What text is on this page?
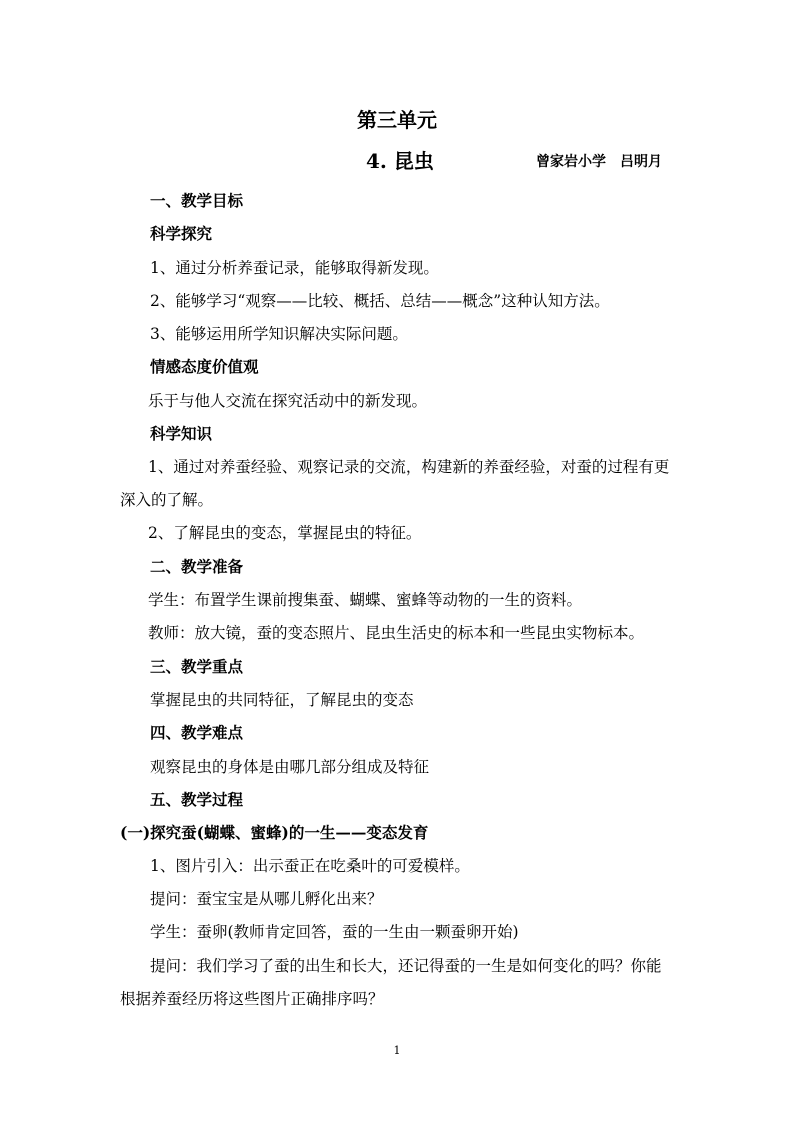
第三单元
4. 昆虫	曾家岩小学 吕明月
一、教学目标
科学探究
1、通过分析养蚕记录，能够取得新发现。
2、能够学习“观察——比较、概括、总结——概念”这种认知方法。
3、能够运用所学知识解决实际问题。
情感态度价值观
乐于与他人交流在探究活动中的新发现。
科学知识
1、通过对养蚕经验、观察记录的交流，构建新的养蚕经验，对蚕的过程有更
深入的了解。
2、了解昆虫的变态，掌握昆虫的特征。
二、教学准备
学生：布置学生课前搜集蚕、蝴蝶、蜜蜂等动物的一生的资料。
教师：放大镜，蚕的变态照片、昆虫生活史的标本和一些昆虫实物标本。
三、教学重点
掌握昆虫的共同特征，了解昆虫的变态
四、教学难点
观察昆虫的身体是由哪几部分组成及特征
五、教学过程
(一)探究蚕(蝴蝶、蜜蜂)的一生——变态发育
1、图片引入：出示蚕正在吃桑叶的可爱模样。
提问：蚕宝宝是从哪儿孵化出来？
学生：蚕卵(教师肯定回答，蚕的一生由一颗蚕卵开始)
提问：我们学习了蚕的出生和长大，还记得蚕的一生是如何变化的吗？你能
根据养蚕经历将这些图片正确排序吗？
1
